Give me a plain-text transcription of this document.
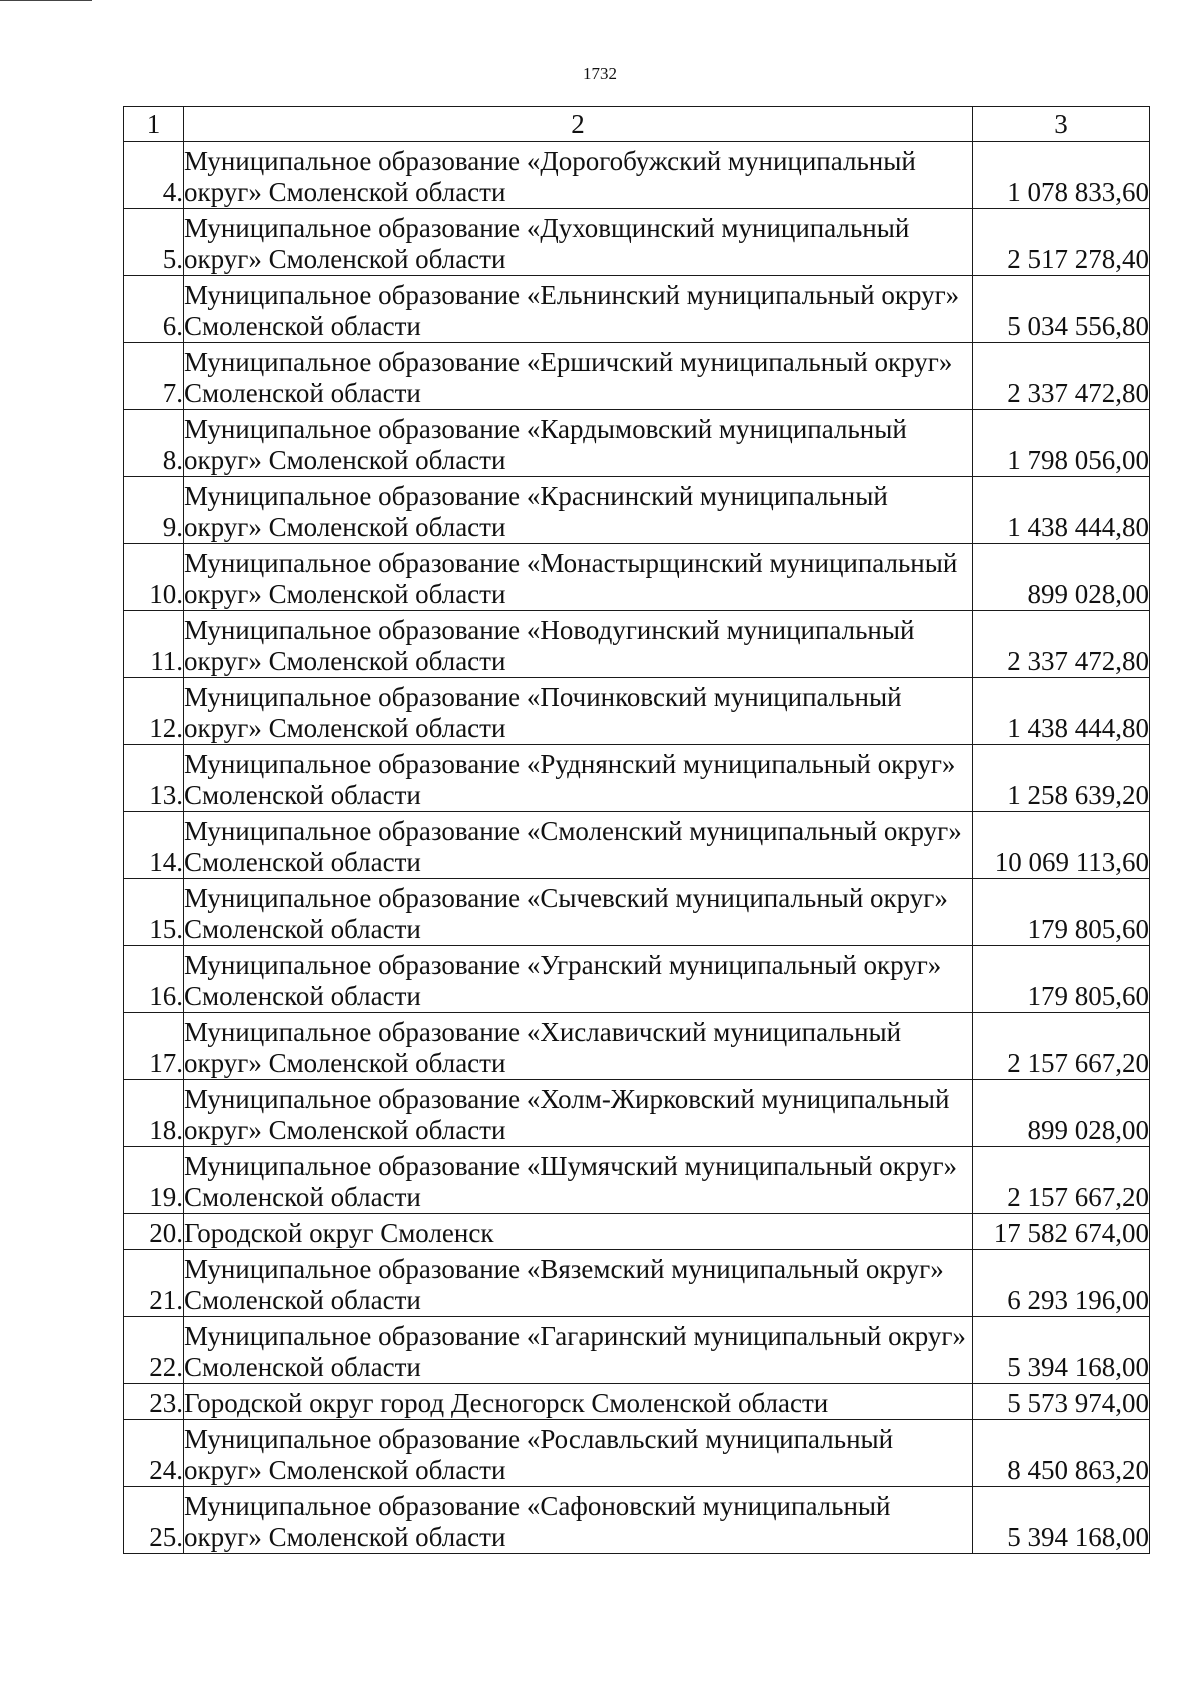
1732
1	2	3
4.	Муниципальное образование «Дорогобужский муниципальный округ» Смоленской области	1 078 833,60
5.	Муниципальное образование «Духовщинский муниципальный округ» Смоленской области	2 517 278,40
6.	Муниципальное образование «Ельнинский муниципальный округ» Смоленской области	5 034 556,80
7.	Муниципальное образование «Ершичский муниципальный округ» Смоленской области	2 337 472,80
8.	Муниципальное образование «Кардымовский муниципальный округ» Смоленской области	1 798 056,00
9.	Муниципальное образование «Краснинский муниципальный округ» Смоленской области	1 438 444,80
10.	Муниципальное образование «Монастырщинский муниципальный округ» Смоленской области	899 028,00
11.	Муниципальное образование «Новодугинский муниципальный округ» Смоленской области	2 337 472,80
12.	Муниципальное образование «Починковский муниципальный округ» Смоленской области	1 438 444,80
13.	Муниципальное образование «Руднянский муниципальный округ» Смоленской области	1 258 639,20
14.	Муниципальное образование «Смоленский муниципальный округ» Смоленской области	10 069 113,60
15.	Муниципальное образование «Сычевский муниципальный округ» Смоленской области	179 805,60
16.	Муниципальное образование «Угранский муниципальный округ» Смоленской области	179 805,60
17.	Муниципальное образование «Хиславичский муниципальный округ» Смоленской области	2 157 667,20
18.	Муниципальное образование «Холм-Жирковский муниципальный округ» Смоленской области	899 028,00
19.	Муниципальное образование «Шумячский муниципальный округ» Смоленской области	2 157 667,20
20.	Городской округ Смоленск	17 582 674,00
21.	Муниципальное образование «Вяземский муниципальный округ» Смоленской области	6 293 196,00
22.	Муниципальное образование «Гагаринский муниципальный округ» Смоленской области	5 394 168,00
23.	Городской округ город Десногорск Смоленской области	5 573 974,00
24.	Муниципальное образование «Рославльский муниципальный округ» Смоленской области	8 450 863,20
25.	Муниципальное образование «Сафоновский муниципальный округ» Смоленской области	5 394 168,00
